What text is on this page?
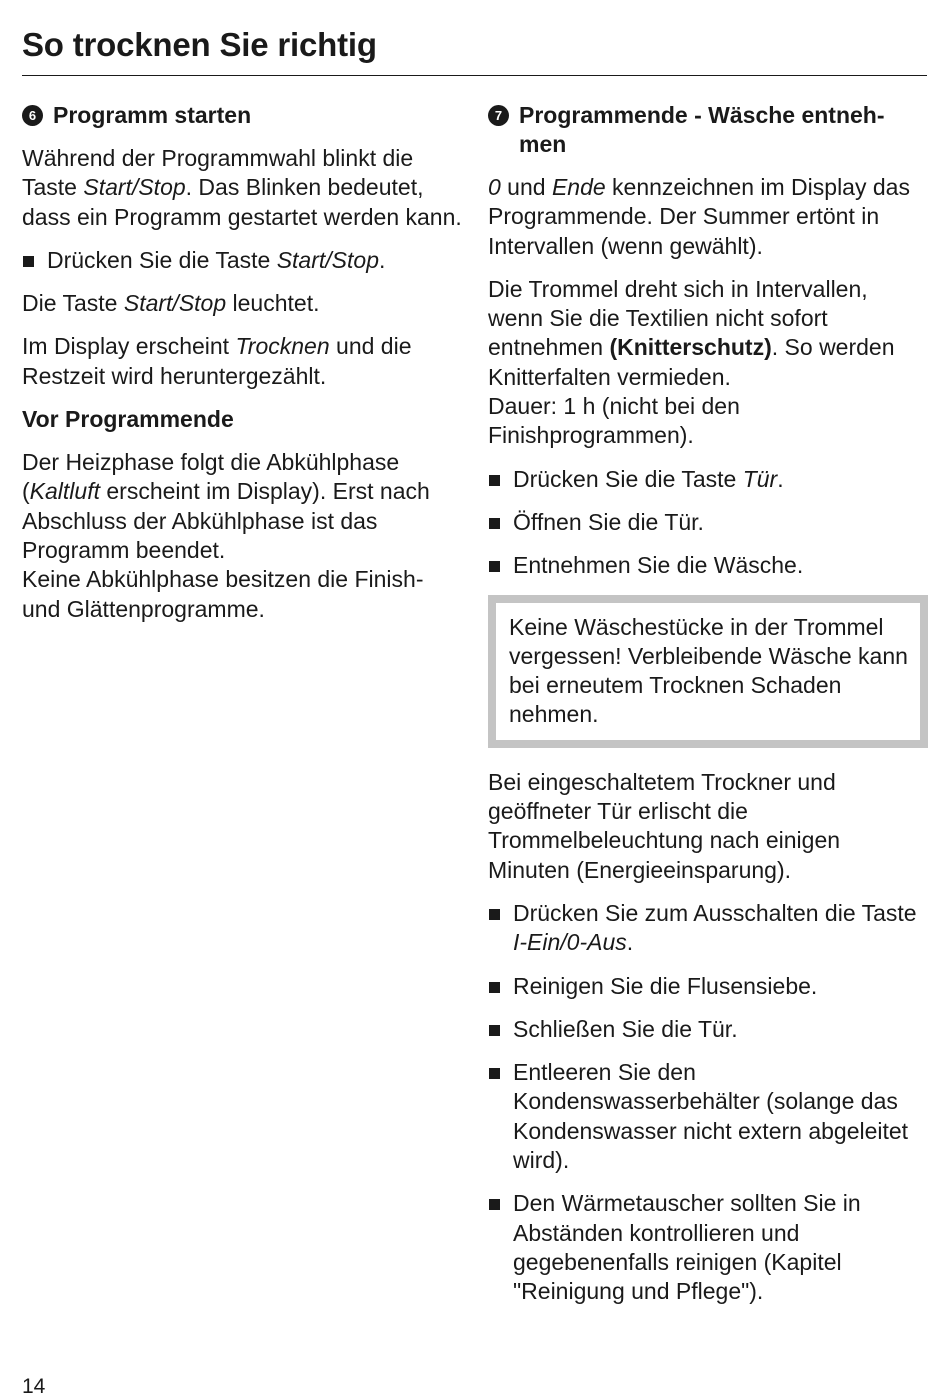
So trocknen Sie richtig
6 Programm starten

Während der Programmwahl blinkt die Taste Start/Stop. Das Blinken bedeutet, dass ein Programm gestartet werden kann.

Drücken Sie die Taste Start/Stop.

Die Taste Start/Stop leuchtet.

Im Display erscheint Trocknen und die Restzeit wird heruntergezählt.

Vor Programmende

Der Heizphase folgt die Abkühlphase (Kaltluft erscheint im Display). Erst nach Abschluss der Abkühlphase ist das Programm beendet.

Keine Abkühlphase besitzen die Finish- und Glättenprogramme.

7 Programmende - Wäsche entneh-men

0 und Ende kennzeichnen im Display das Programmende. Der Summer ertönt in Intervallen (wenn gewählt).

Die Trommel dreht sich in Intervallen, wenn Sie die Textilien nicht sofort entnehmen (Knitterschutz). So werden Knitterfalten vermieden.

Dauer: 1 h (nicht bei den Finishprogrammen).

Drücken Sie die Taste Tür.
Öffnen Sie die Tür.
Entnehmen Sie die Wäsche.
Keine Wäschestücke in der Trommel vergessen! Verbleibende Wäsche kann bei erneutem Trocknen Schaden nehmen.

Bei eingeschaltetem Trockner und geöffneter Tür erlischt die Trommelbeleuchtung nach einigen Minuten (Energieeinsparung).

Drücken Sie zum Ausschalten die Taste I-Ein/0-Aus.
Reinigen Sie die Flusensiebe.
Schließen Sie die Tür.
Entleeren Sie den Kondenswasserbehälter (solange das Kondenswasser nicht extern abgeleitet wird).
Den Wärmetauscher sollten Sie in Abständen kontrollieren und gegebenenfalls reinigen (Kapitel "Reinigung und Pflege").
14
